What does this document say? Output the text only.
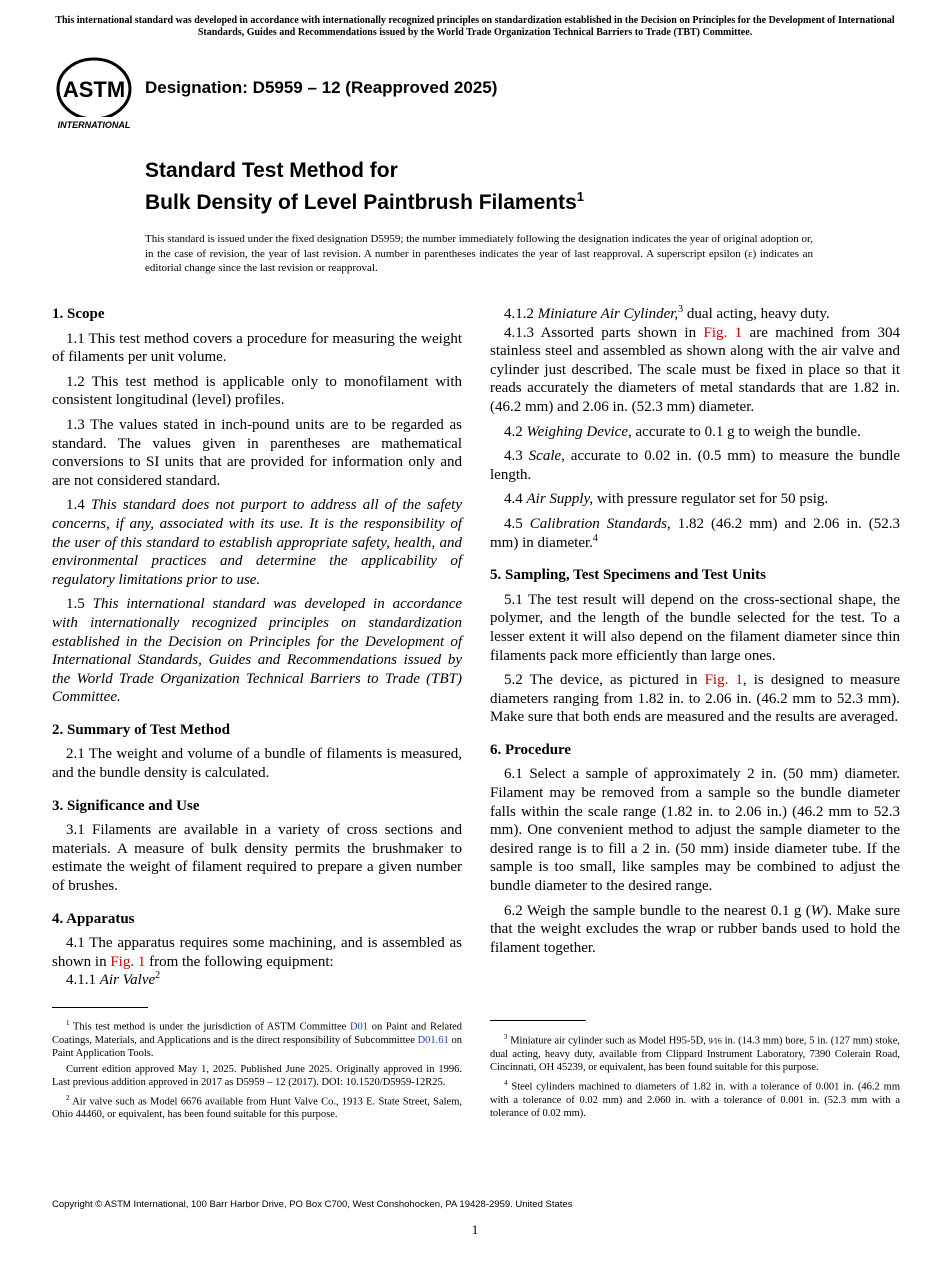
This international standard was developed in accordance with internationally recognized principles on standardization established in the Decision on Principles for the Development of International Standards, Guides and Recommendations issued by the World Trade Organization Technical Barriers to Trade (TBT) Committee.
ASTM
INTERNATIONAL
Designation: D5959 – 12 (Reapproved 2025)
Standard Test Method for
Bulk Density of Level Paintbrush Filaments$^1$
This standard is issued under the fixed designation D5959; the number immediately following the designation indicates the year of original adoption or, in the case of revision, the year of last revision. A number in parentheses indicates the year of last reapproval. A superscript epsilon (ε) indicates an editorial change since the last revision or reapproval.
1. Scope

1.1 This test method covers a procedure for measuring the weight of filaments per unit volume.

1.2 This test method is applicable only to monofilament with consistent longitudinal (level) profiles.

1.3 The values stated in inch-pound units are to be regarded as standard. The values given in parentheses are mathematical conversions to SI units that are provided for information only and are not considered standard.

1.4 This standard does not purport to address all of the safety concerns, if any, associated with its use. It is the responsibility of the user of this standard to establish appropriate safety, health, and environmental practices and determine the applicability of regulatory limitations prior to use.

1.5 This international standard was developed in accordance with internationally recognized principles on standardization established in the Decision on Principles for the Development of International Standards, Guides and Recommendations issued by the World Trade Organization Technical Barriers to Trade (TBT) Committee.

2. Summary of Test Method

2.1 The weight and volume of a bundle of filaments is measured, and the bundle density is calculated.

3. Significance and Use

3.1 Filaments are available in a variety of cross sections and materials. A measure of bulk density permits the brushmaker to estimate the weight of filament required to prepare a given number of brushes.

4. Apparatus

4.1 The apparatus requires some machining, and is assembled as shown in Fig. 1 from the following equipment:

4.1.1 Air Valve$^2$

4.1.2 Miniature Air Cylinder,$^3$ dual acting, heavy duty.

4.1.3 Assorted parts shown in Fig. 1 are machined from 304 stainless steel and assembled as shown along with the air valve and cylinder just described. The scale must be fixed in place so that it reads accurately the diameters of metal standards that are 1.82 in. (46.2 mm) and 2.06 in. (52.3 mm) diameter.

4.2 Weighing Device, accurate to 0.1 g to weigh the bundle.

4.3 Scale, accurate to 0.02 in. (0.5 mm) to measure the bundle length.

4.4 Air Supply, with pressure regulator set for 50 psig.

4.5 Calibration Standards, 1.82 (46.2 mm) and 2.06 in. (52.3 mm) in diameter.$^4$

5. Sampling, Test Specimens and Test Units

5.1 The test result will depend on the cross-sectional shape, the polymer, and the length of the bundle selected for the test. To a lesser extent it will also depend on the filament diameter since thin filaments pack more efficiently than large ones.

5.2 The device, as pictured in Fig. 1, is designed to measure diameters ranging from 1.82 in. to 2.06 in. (46.2 mm to 52.3 mm). Make sure that both ends are measured and the results are averaged.

6. Procedure

6.1 Select a sample of approximately 2 in. (50 mm) diameter. Filament may be removed from a sample so the bundle diameter falls within the scale range (1.82 in. to 2.06 in.) (46.2 mm to 52.3 mm). One convenient method to adjust the sample diameter to the desired range is to fill a 2 in. (50 mm) inside diameter tube. If the sample is too small, like samples may be combined to adjust the bundle diameter to the desired range.

6.2 Weigh the sample bundle to the nearest 0.1 g (W). Make sure that the weight excludes the wrap or rubber bands used to hold the filament together.

$^1$ This test method is under the jurisdiction of ASTM Committee D01 on Paint and Related Coatings, Materials, and Applications and is the direct responsibility of Subcommittee D01.61 on Paint Application Tools.

Current edition approved May 1, 2025. Published June 2025. Originally approved in 1996. Last previous addition approved in 2017 as D5959 – 12 (2017). DOI: 10.1520/D5959-12R25.

$^2$ Air valve such as Model 6676 available from Hunt Valve Co., 1913 E. State Street, Salem, Ohio 44460, or equivalent, has been found suitable for this purpose.

$^3$ Miniature air cylinder such as Model H95-5D, 9⁄16 in. (14.3 mm) bore, 5 in. (127 mm) stoke, dual acting, heavy duty, available from Clippard Instrument Laboratory, 7390 Colerain Road, Cincinnati, OH 45239, or equivalent, has been found suitable for this purpose.

$^4$ Steel cylinders machined to diameters of 1.82 in. with a tolerance of 0.001 in. (46.2 mm with a tolerance of 0.02 mm) and 2.060 in. with a tolerance of 0.001 in. (52.3 mm with a tolerance of 0.02 mm).

Copyright © ASTM International, 100 Barr Harbor Drive, PO Box C700, West Conshohocken, PA 19428-2959. United States
1
